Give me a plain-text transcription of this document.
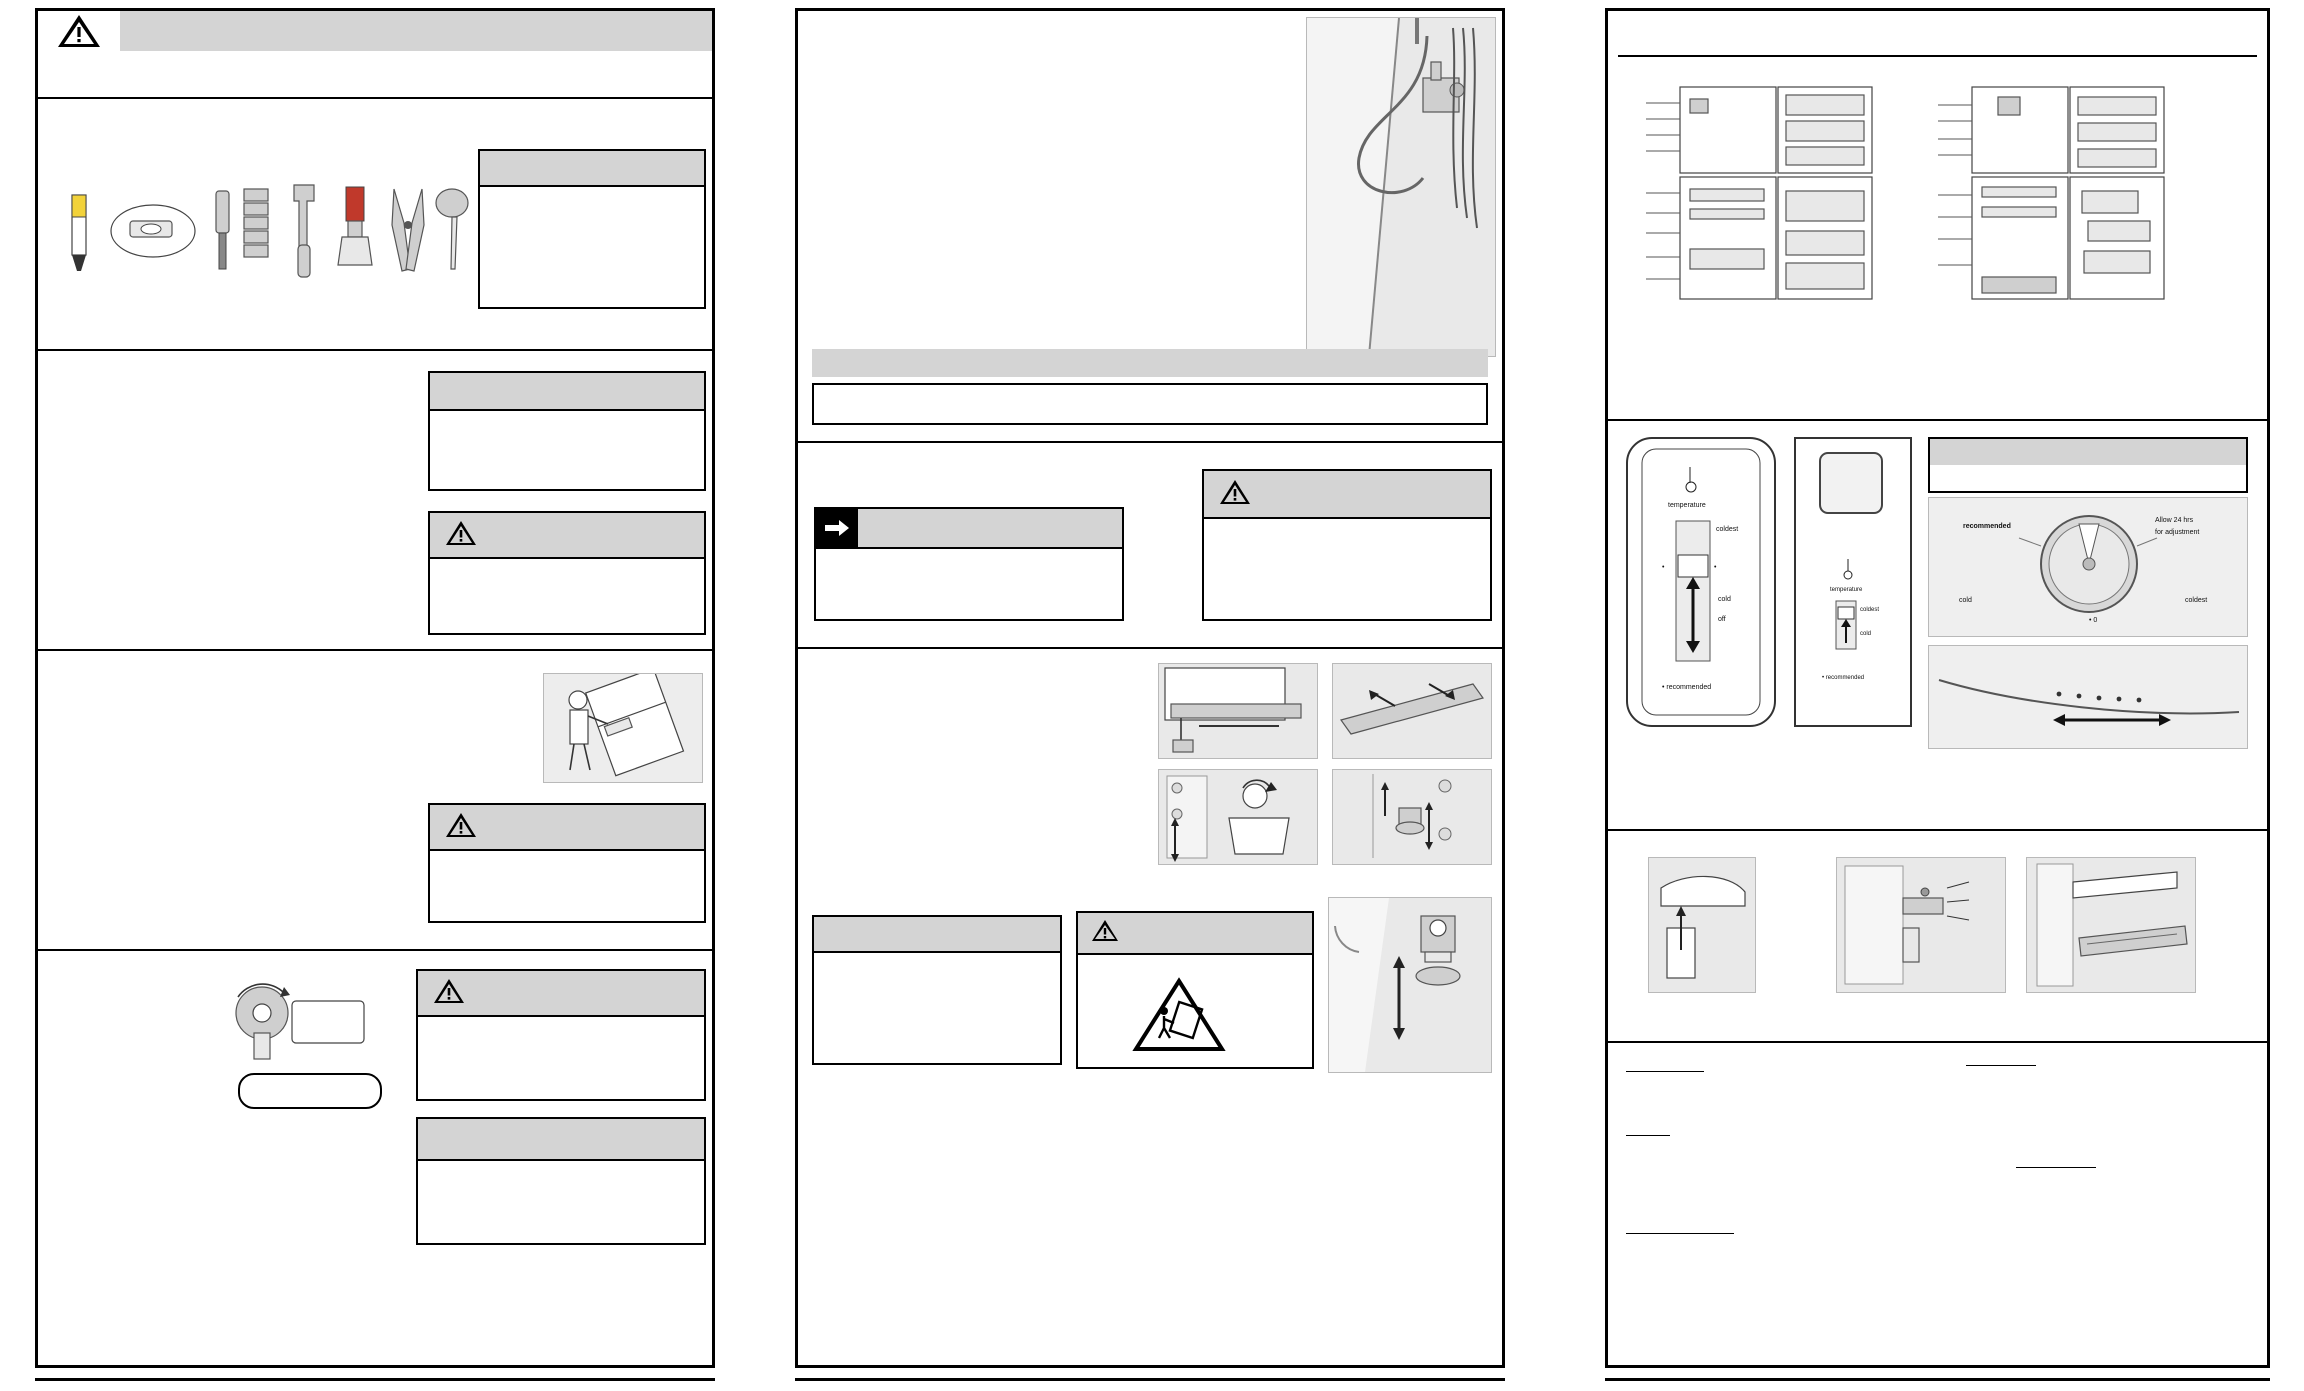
temperature
coldest
cold
off
• recommended
•	•
temperature
coldest
cold
• recommended
recommended
Allow 24 hrs
for adjustment
cold	coldest
• 0
